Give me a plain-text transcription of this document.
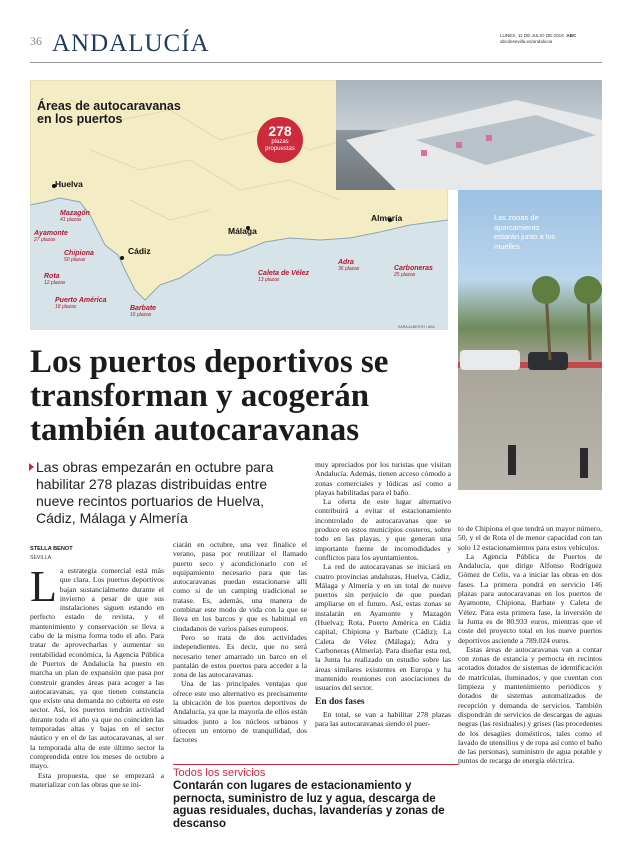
36 ANDALUCÍA	LUNES, 11 DE JULIO DE 2016 ABC
abcdesevilla.es/andalucia
Áreas de autocaravanas
en los puertos
278
plazas
propuestas
Huelva
Cádiz
Málaga
Almería
Mazagón
41 plazas
Ayamonte
27 plazas
Chipiona
50 plazas
Rota
12 plazas
Puerto América
18 plazas	Barbate
16 plazas
Caleta de Vélez
13 plazas
Adra
36 plazas	Carboneras
25 plazas
SARA ALBERTO / ABC
Las zonas de aparcamiento estarán junto a los muelles
Los puertos deportivos se transforman y acogerán también autocaravanas
Las obras empezarán en octubre para habilitar 278 plazas distribuidas entre nueve recintos portuarios de Huelva, Cádiz, Málaga y Almería
STELLA BENOT
SEVILLA

La estrategia comercial está más que clara. Los puertos deportivos bajan sustancialmente durante el invierno a pesar de que sus instalaciones siguen estando en perfecto estado de revista, y el mantenimiento y conservación se lleva a cabo de la misma forma todo el año. Para tratar de aprovecharlas y aumentar su rentabilidad económica, la Agencia Pública de Puertos de Andalucía ha puesto en marcha un plan de expansión que pasa por construir grandes áreas para acoger a las autocaravanas, ya que tienen constancia que existe una demanda no cubierta en este sector. Así, los puertos tendrán actividad durante todo el año ya que no coinciden las temporadas altas y bajas en el sector náutico y en el de las autocaravanas, al ser la temporada alta de este último sector la comprendida entre los meses de octubre a mayo.

Esta propuesta, que se empezará a materializar con las obras que se ini-

ciarán en octubre, una vez finalice el verano, pasa por reutilizar el llamado puerto seco y acondicionarlo con el equipamiento necesario para que las autocaravanas puedan estacionarse allí como si de un camping tradicional se tratase. Es, además, una manera de combinar este modo de vida con la que se lleva en los barcos y que es habitual en ciudadanos de varios países europeos.

Pero se trata de dos actividades independientes. Es decir, que no será necesario tener amarrado un barco en el pantalán de estos puertos para acceder a la zona de las autocaravanas.

Una de las principales ventajas que ofrece este uso alternativo es precisamente la ubicación de los puertos deportivos de Andalucía, ya que la mayoría de ellos están situados junto a los núcleos urbanos y ofrecen un entorno de tranquilidad, dos factores

muy apreciados por los turistas que visitan Andalucía. Además, tienen acceso cómodo a zonas comerciales y lúdicas así como a playas habilitadas para el baño.

La oferta de este lugar alternativo contribuirá a evitar el estacionamiento incontrolado de autocaravanas que se produce en estos municipios costeros, sobre todo en las playas, y que generan una importante fuente de incomodidades y conflictos para los ayuntamientos.

La red de autocaravanas se iniciará en cuatro provincias andaluzas, Huelva, Cádiz, Málaga y Almería y en un total de nueve puertos sin perjuicio de que puedan ampliarse en el futuro. Así, estas zonas se instalarán en Ayamonte y Mazagón (Huelva); Rota, Puerto América en Cádiz capital, Chipiona y Barbate (Cádiz); La Caleta de Vélez (Málaga); Adra y Carboneras (Almería). Para diseñar esta red, la Junta ha realizado un estudio sobre las áreas similares existentes en Europa y ha mantenido reuniones con asociaciones de usuarios del sector.

En dos fases

En total, se van a habilitar 278 plazas para las autocaravanas siendo el puer-

to de Chipiona el que tendrá un mayor número, 50, y el de Rota el de menor capacidad con tan solo 12 estacionamientos para estos vehículos.

La Agencia Pública de Puertos de Andalucía, que dirige Alfonso Rodríguez Gómez de Celis, va a iniciar las obras en dos fases. La primera pondrá en servicio 146 plazas para autocaravanas en los puertos de Ayamonte, Chipiona, Barbate y Caleta de Vélez. Para esta primera fase, la inversión de la Junta es de 80.933 euros, mientras que el coste del proyecto total en los nueve puertos deportivos asciende a 789.024 euros.

Estas áreas de autocaravanas van a contar con zonas de estancia y pernocta en recintos acotados dotados de sistemas de identificación de matrículas, iluminados, y que cuentan con limpieza y mantenimiento periódicos y dotados de sistemas automatizados de recepción y demanda de servicios. También dispondrán de servicios de descargas de aguas negras (las residuales) y grises (las procedentes de los desagües domésticos, tales como el lavado de utensilios y de ropa así como el baño de las personas), suministro de agua potable y puntos de recarga de energía eléctrica.

Todos los servicios
Contarán con lugares de estacionamiento y pernocta, suministro de luz y agua, descarga de aguas residuales, duchas, lavanderías y zonas de descanso
